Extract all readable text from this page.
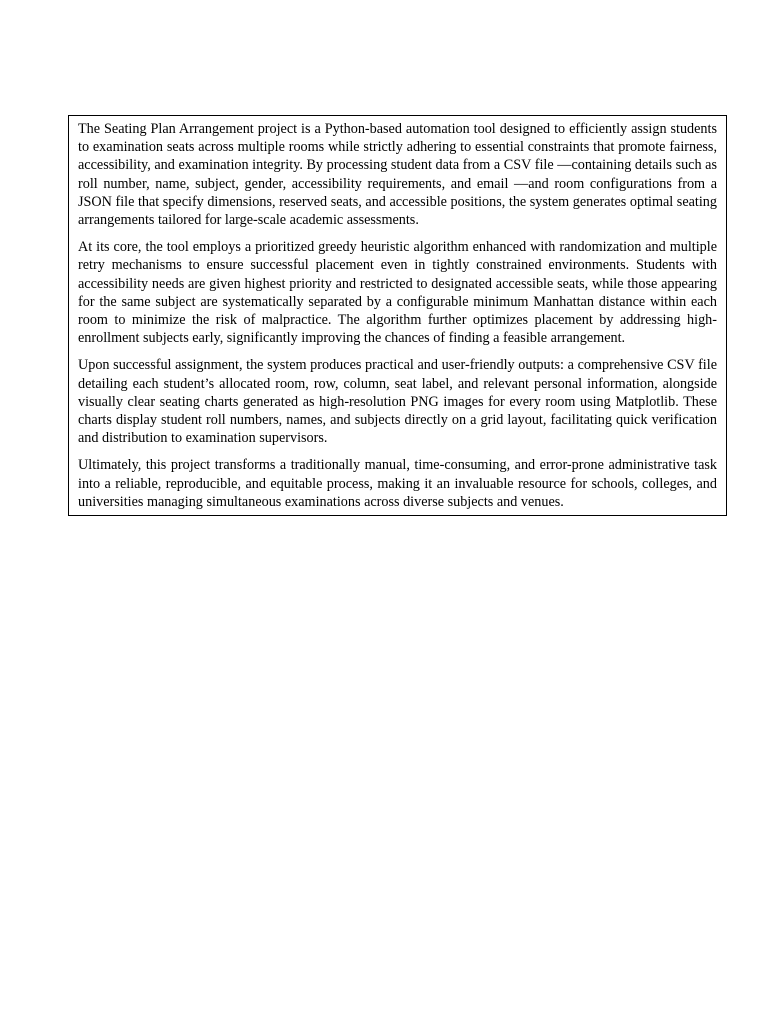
The Seating Plan Arrangement project is a Python-based automation tool designed to efficiently assign students to examination seats across multiple rooms while strictly adhering to essential constraints that promote fairness, accessibility, and examination integrity. By processing student data from a CSV file —containing details such as roll number, name, subject, gender, accessibility requirements, and email —and room configurations from a JSON file that specify dimensions, reserved seats, and accessible positions, the system generates optimal seating arrangements tailored for large-scale academic assessments.

At its core, the tool employs a prioritized greedy heuristic algorithm enhanced with randomization and multiple retry mechanisms to ensure successful placement even in tightly constrained environments. Students with accessibility needs are given highest priority and restricted to designated accessible seats, while those appearing for the same subject are systematically separated by a configurable minimum Manhattan distance within each room to minimize the risk of malpractice. The algorithm further optimizes placement by addressing high-enrollment subjects early, significantly improving the chances of finding a feasible arrangement.

Upon successful assignment, the system produces practical and user-friendly outputs: a comprehensive CSV file detailing each student’s allocated room, row, column, seat label, and relevant personal information, alongside visually clear seating charts generated as high-resolution PNG images for every room using Matplotlib. These charts display student roll numbers, names, and subjects directly on a grid layout, facilitating quick verification and distribution to examination supervisors.

Ultimately, this project transforms a traditionally manual, time-consuming, and error-prone administrative task into a reliable, reproducible, and equitable process, making it an invaluable resource for schools, colleges, and universities managing simultaneous examinations across diverse subjects and venues.
